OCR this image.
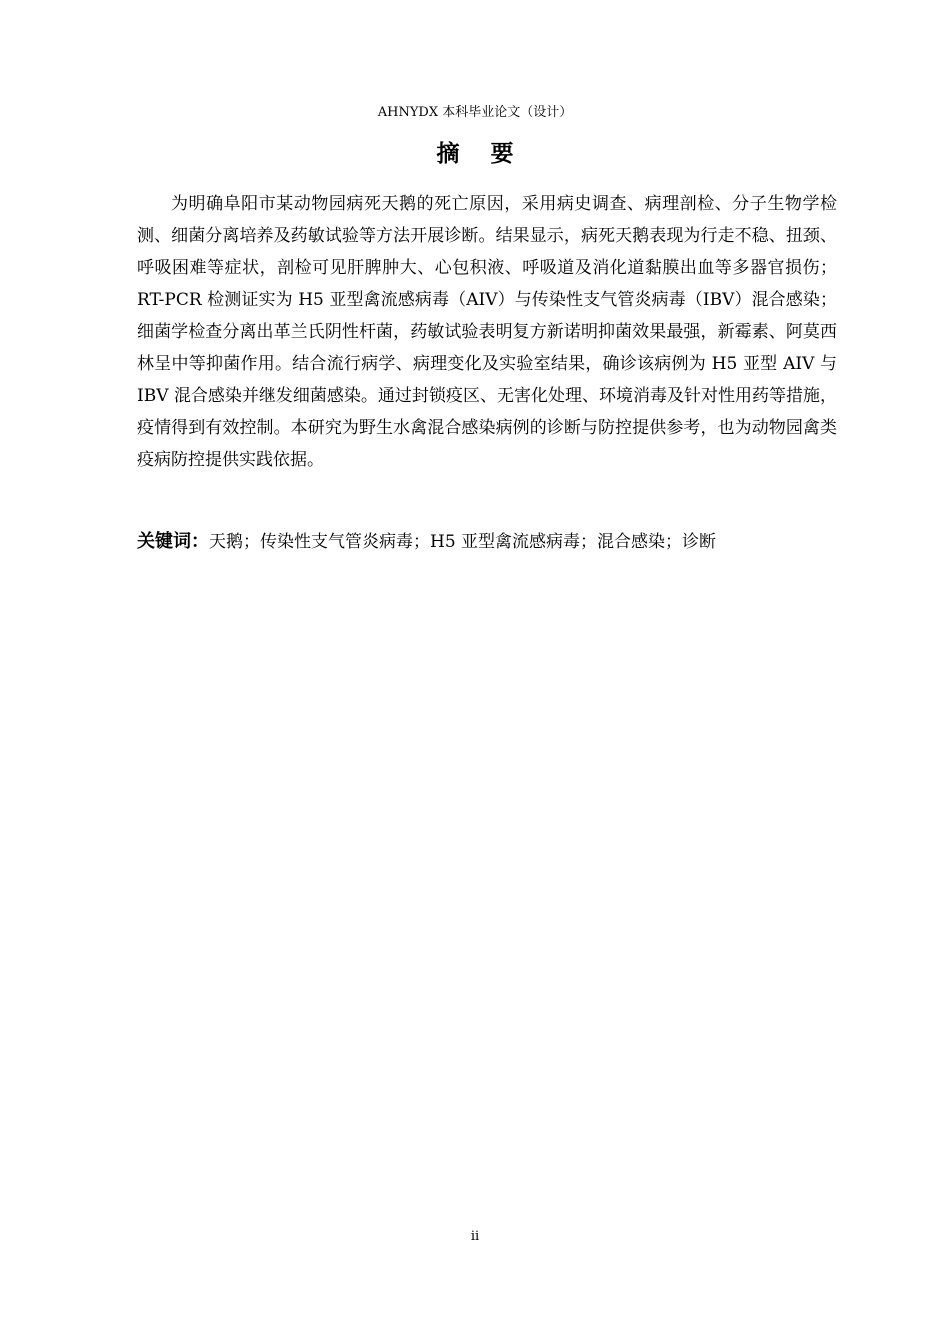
AHNYDX 本科毕业论文（设计）
摘 要

为明确阜阳市某动物园病死天鹅的死亡原因，采用病史调查、病理剖检、分子生物学检测、细菌分离培养及药敏试验等方法开展诊断。结果显示，病死天鹅表现为行走不稳、扭颈、呼吸困难等症状，剖检可见肝脾肿大、心包积液、呼吸道及消化道黏膜出血等多器官损伤；RT-PCR 检测证实为 H5 亚型禽流感病毒（AIV）与传染性支气管炎病毒（IBV）混合感染；细菌学检查分离出革兰氏阴性杆菌，药敏试验表明复方新诺明抑菌效果最强，新霉素、阿莫西林呈中等抑菌作用。结合流行病学、病理变化及实验室结果，确诊该病例为 H5 亚型 AIV 与 IBV 混合感染并继发细菌感染。通过封锁疫区、无害化处理、环境消毒及针对性用药等措施，疫情得到有效控制。本研究为野生水禽混合感染病例的诊断与防控提供参考，也为动物园禽类疫病防控提供实践依据。

关键词：天鹅；传染性支气管炎病毒；H5 亚型禽流感病毒；混合感染；诊断

ii
